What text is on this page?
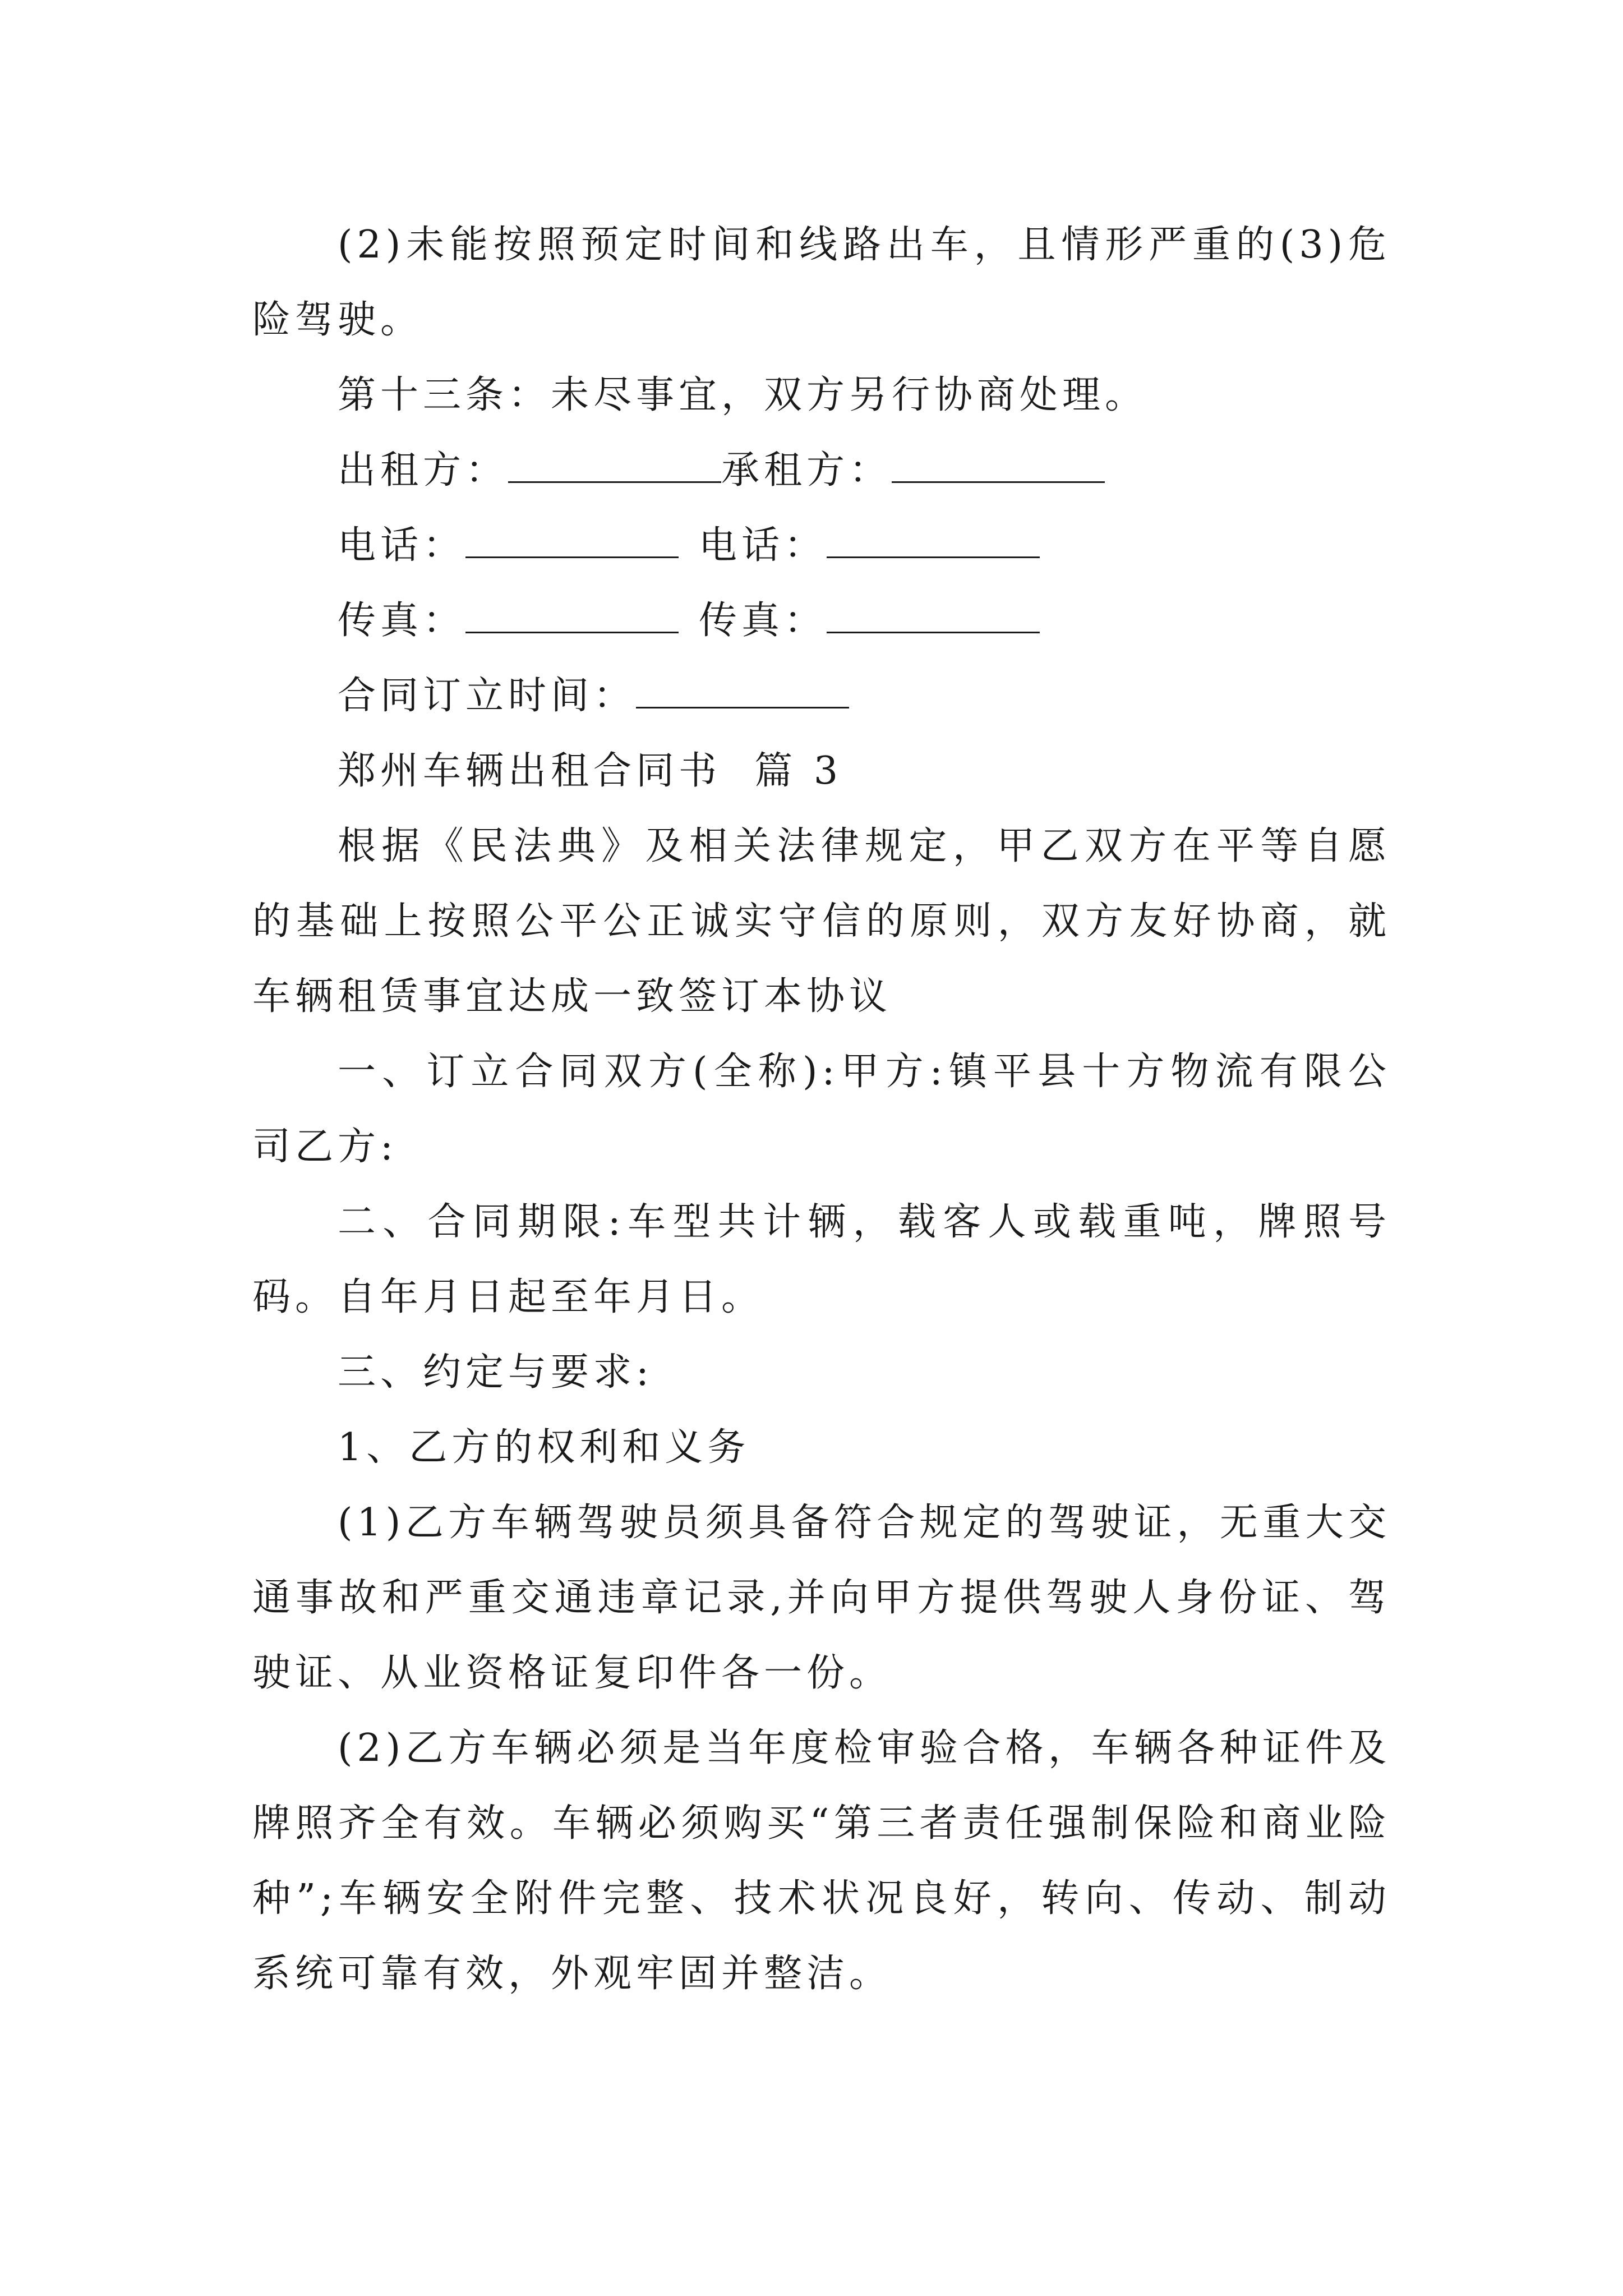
(2)未能按照预定时间和线路出车，且情形严重的(3)危险驾驶。

第十三条：未尽事宜，双方另行协商处理。

出租方：	承租方：
电话：	电话：
传真：	传真：
合同订立时间：

郑州车辆出租合同书  篇 3

根据《民法典》及相关法律规定，甲乙双方在平等自愿的基础上按照公平公正诚实守信的原则，双方友好协商，就车辆租赁事宜达成一致签订本协议

一、订立合同双方(全称):甲方:镇平县十方物流有限公司乙方:

二、合同期限:车型共计辆，载客人或载重吨，牌照号码。自年月日起至年月日。

三、约定与要求:

1、乙方的权利和义务

(1)乙方车辆驾驶员须具备符合规定的驾驶证，无重大交通事故和严重交通违章记录,并向甲方提供驾驶人身份证、驾驶证、从业资格证复印件各一份。

(2)乙方车辆必须是当年度检审验合格，车辆各种证件及牌照齐全有效。车辆必须购买“第三者责任强制保险和商业险种”;车辆安全附件完整、技术状况良好，转向、传动、制动系统可靠有效，外观牢固并整洁。
